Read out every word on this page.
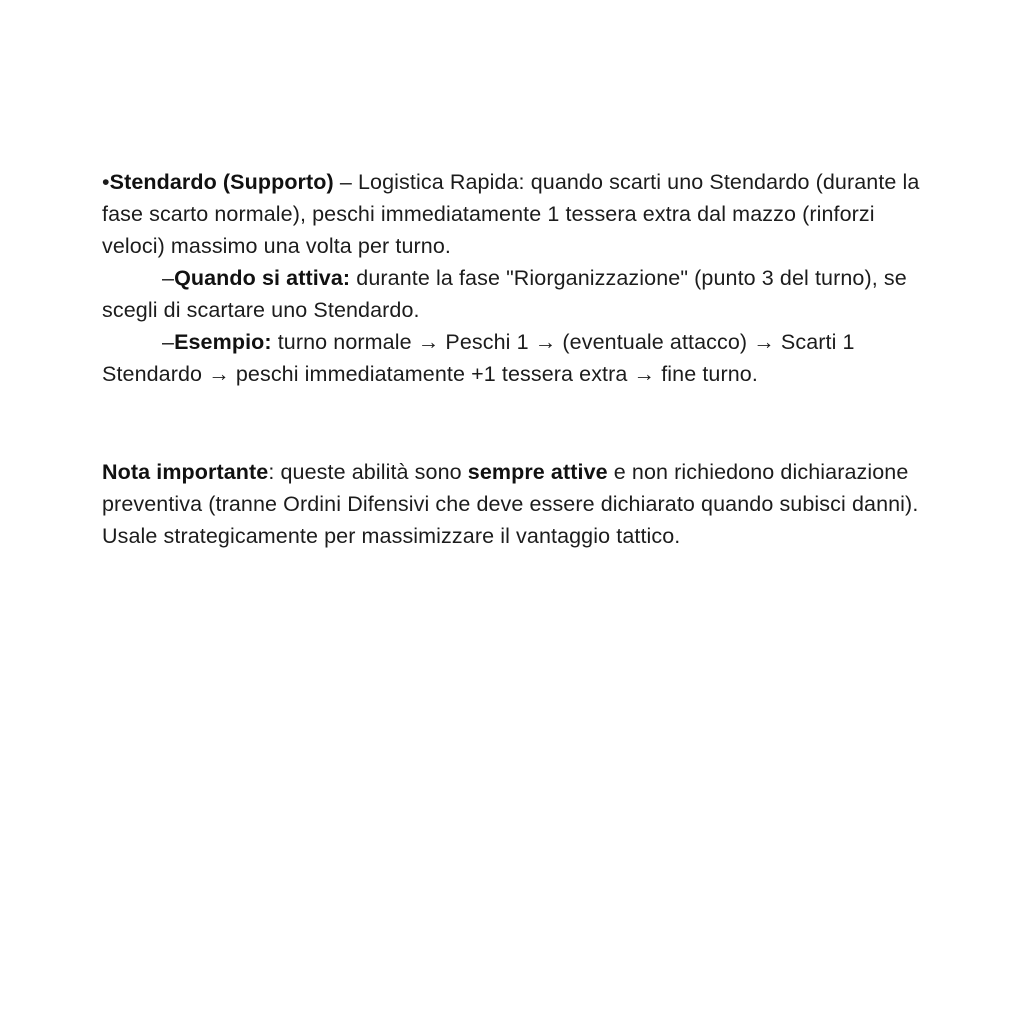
•Stendardo (Supporto) – Logistica Rapida: quando scarti uno Stendardo (durante la fase scarto normale), peschi immediatamente 1 tessera extra dal mazzo (rinforzi veloci) massimo una volta per turno.

–Quando si attiva: durante la fase "Riorganizzazione" (punto 3 del turno), se scegli di scartare uno Stendardo.

–Esempio: turno normale → Peschi 1 → (eventuale attacco) → Scarti 1 Stendardo → peschi immediatamente +1 tessera extra → fine turno.

Nota importante: queste abilità sono sempre attive e non richiedono dichiarazione preventiva (tranne Ordini Difensivi che deve essere dichiarato quando subisci danni). Usale strategicamente per massimizzare il vantaggio tattico.
